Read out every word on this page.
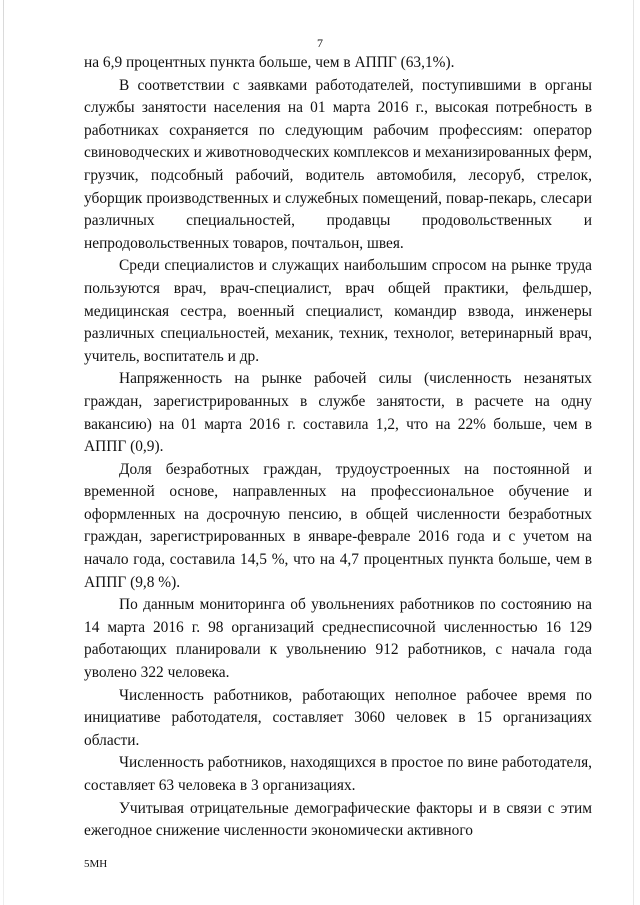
7

на 6,9 процентных пункта больше, чем в АППГ (63,1%).

В соответствии с заявками работодателей, поступившими в органы службы занятости населения на 01 марта 2016 г., высокая потребность в работниках сохраняется по следующим рабочим профессиям: оператор свиноводческих и животноводческих комплексов и механизированных ферм, грузчик, подсобный рабочий, водитель автомобиля, лесоруб, стрелок, уборщик производственных и служебных помещений, повар-пекарь, слесари различных специальностей, продавцы продовольственных и непродовольственных товаров, почтальон, швея.

Среди специалистов и служащих наибольшим спросом на рынке труда пользуются врач, врач-специалист, врач общей практики, фельдшер, медицинская сестра, военный специалист, командир взвода, инженеры различных специальностей, механик, техник, технолог, ветеринарный врач, учитель, воспитатель и др.

Напряженность на рынке рабочей силы (численность незанятых граждан, зарегистрированных в службе занятости, в расчете на одну вакансию) на 01 марта 2016 г. составила 1,2, что на 22% больше, чем в АППГ (0,9).

Доля безработных граждан, трудоустроенных на постоянной и временной основе, направленных на профессиональное обучение и оформленных на досрочную пенсию, в общей численности безработных граждан, зарегистрированных в январе-феврале 2016 года и с учетом на начало года, составила 14,5 %, что на 4,7 процентных пункта больше, чем в АППГ (9,8 %).

По данным мониторинга об увольнениях работников по состоянию на 14 марта 2016 г. 98 организаций среднесписочной численностью 16 129 работающих планировали к увольнению 912 работников, с начала года уволено 322 человека.

Численность работников, работающих неполное рабочее время по инициативе работодателя, составляет 3060 человек в 15 организациях области.

Численность работников, находящихся в простое по вине работодателя, составляет 63 человека в 3 организациях.

Учитывая отрицательные демографические факторы и в связи с этим ежегодное снижение численности экономически активного

5МН
